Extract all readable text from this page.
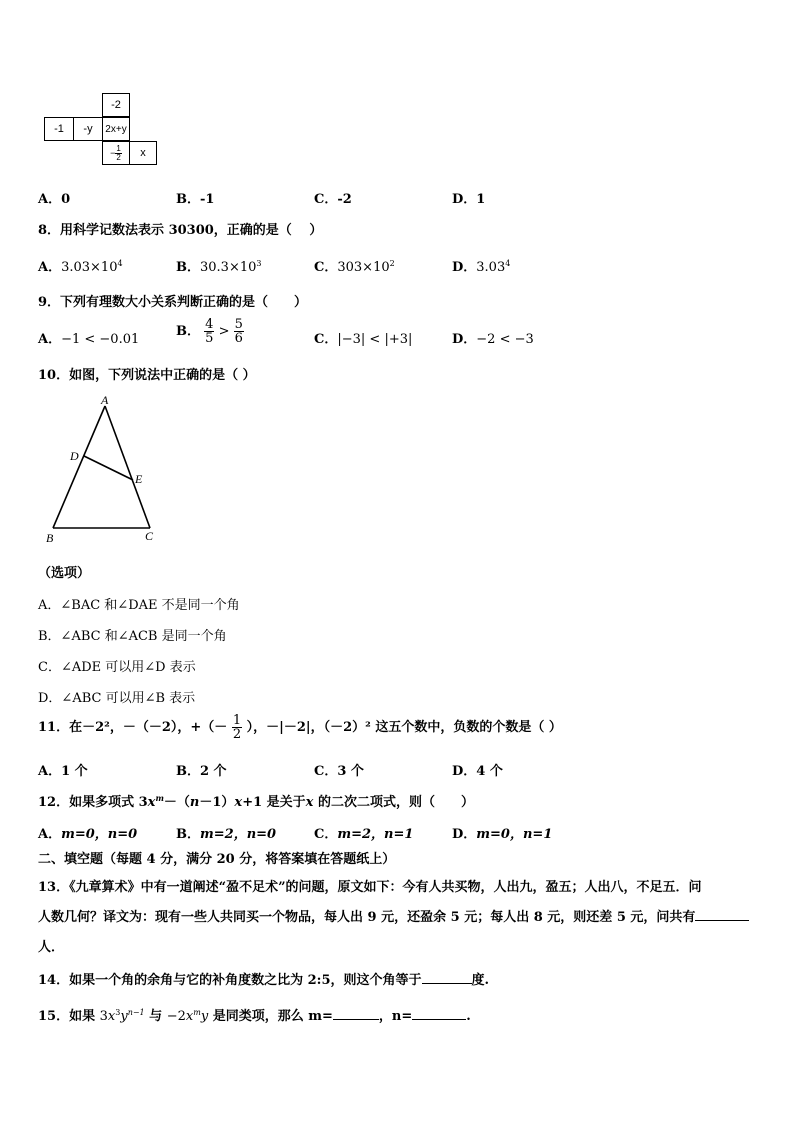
-2
-1 -y 2x+y
− $\frac{1}{2}$ x
A．0	B．-1	C．-2	D．1
8．用科学记数法表示 30300，正确的是（　 ）
A．$3.03\times 10^4$	B．$30.3\times 10^3$	C．$303\times 10^2$	D．3.03$^4$
9．下列有理数大小关系判断正确的是（　　）
A．−1 < −0.01
B． $\frac{4}{5} > \frac{5}{6}$	C．|−3| < |+3|	D．−2 < −3
10．如图，下列说法中正确的是（ ）
A
D
E
B	C
（选项）
A．∠BAC 和∠DAE 不是同一个角
B．∠ABC 和∠ACB 是同一个角
C．∠ADE 可以用∠D 表示
D．∠ABC 可以用∠B 表示
11．在－2²，－（－2），+（－ $\frac{1}{2}$ ），－|－2|，（－2）² 这五个数中，负数的个数是（ ）
A．1 个	B．2 个	C．3 个	D．4 个
12．如果多项式 $3x^m-(n-1)x+1$ 是关于x 的二次二项式，则（　　）
A．m=0，n=0	B．m=2，n=0	C．m=2，n=1	D．m=0，n=1
二、填空题（每题 4 分，满分 20 分，将答案填在答题纸上）
13．《九章算术》中有一道阐述“盈不足术”的问题，原文如下：今有人共买物，人出九，盈五；人出八，不足五．问
人数几何？译文为：现有一些人共同买一个物品，每人出 9 元，还盈余 5 元；每人出 8 元，则还差 5 元，问共有
人．
14．如果一个角的余角与它的补角度数之比为 2:5，则这个角等于	度.
15．如果 $3x^3y^{n-1}$ 与 $-2x^my$ 是同类项，那么 m=	，n=	.
